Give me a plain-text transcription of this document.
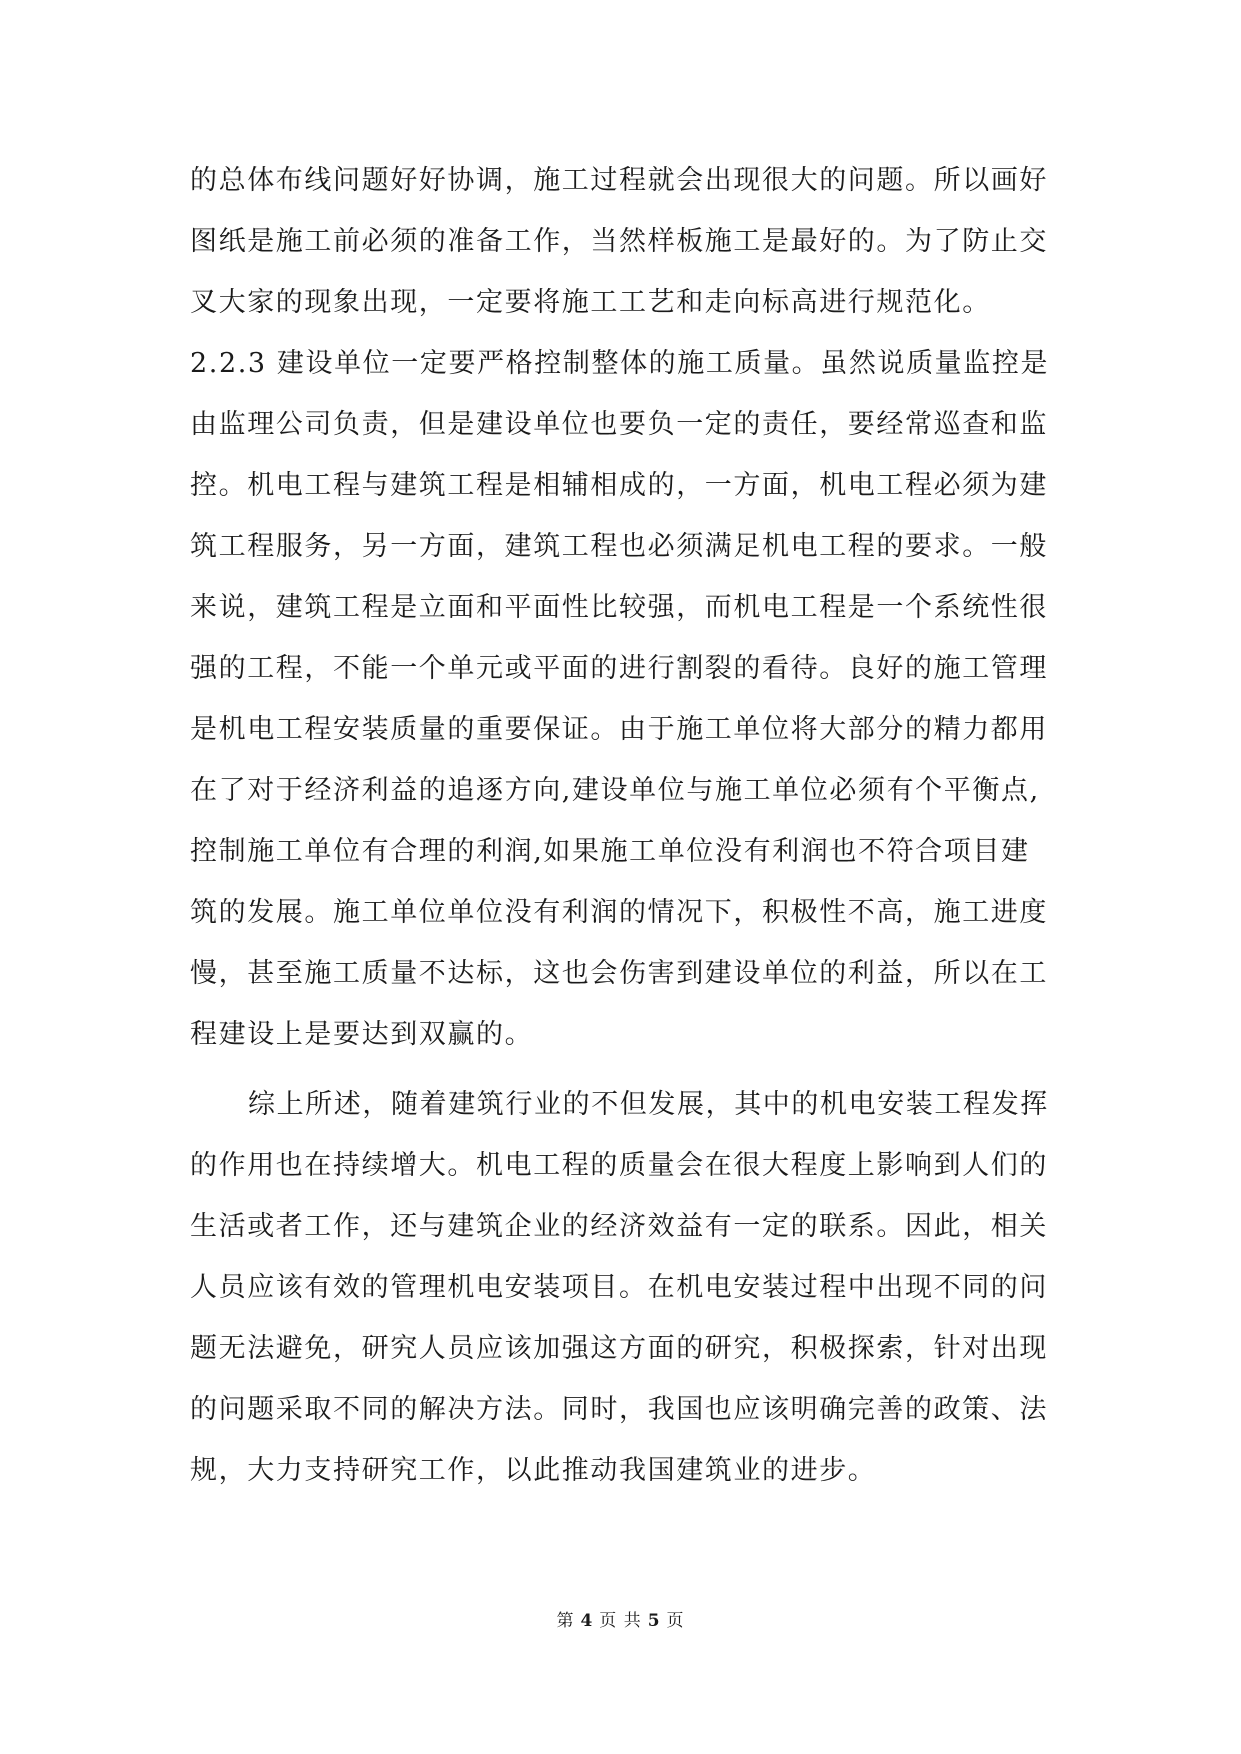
的总体布线问题好好协调，施工过程就会出现很大的问题。所以画好
图纸是施工前必须的准备工作，当然样板施工是最好的。为了防止交
叉大家的现象出现，一定要将施工工艺和走向标高进行规范化。
2.2.3 建设单位一定要严格控制整体的施工质量。虽然说质量监控是
由监理公司负责，但是建设单位也要负一定的责任，要经常巡查和监
控。机电工程与建筑工程是相辅相成的，一方面，机电工程必须为建
筑工程服务，另一方面，建筑工程也必须满足机电工程的要求。一般
来说，建筑工程是立面和平面性比较强，而机电工程是一个系统性很
强的工程，不能一个单元或平面的进行割裂的看待。良好的施工管理
是机电工程安装质量的重要保证。由于施工单位将大部分的精力都用
在了对于经济利益的追逐方向,建设单位与施工单位必须有个平衡点,
控制施工单位有合理的利润,如果施工单位没有利润也不符合项目建
筑的发展。施工单位单位没有利润的情况下，积极性不高，施工进度
慢，甚至施工质量不达标，这也会伤害到建设单位的利益，所以在工
程建设上是要达到双赢的。
综上所述，随着建筑行业的不但发展，其中的机电安装工程发挥
的作用也在持续增大。机电工程的质量会在很大程度上影响到人们的
生活或者工作，还与建筑企业的经济效益有一定的联系。因此，相关
人员应该有效的管理机电安装项目。在机电安装过程中出现不同的问
题无法避免，研究人员应该加强这方面的研究，积极探索，针对出现
的问题采取不同的解决方法。同时，我国也应该明确完善的政策、法
规，大力支持研究工作，以此推动我国建筑业的进步。
第 4 页 共 5 页
